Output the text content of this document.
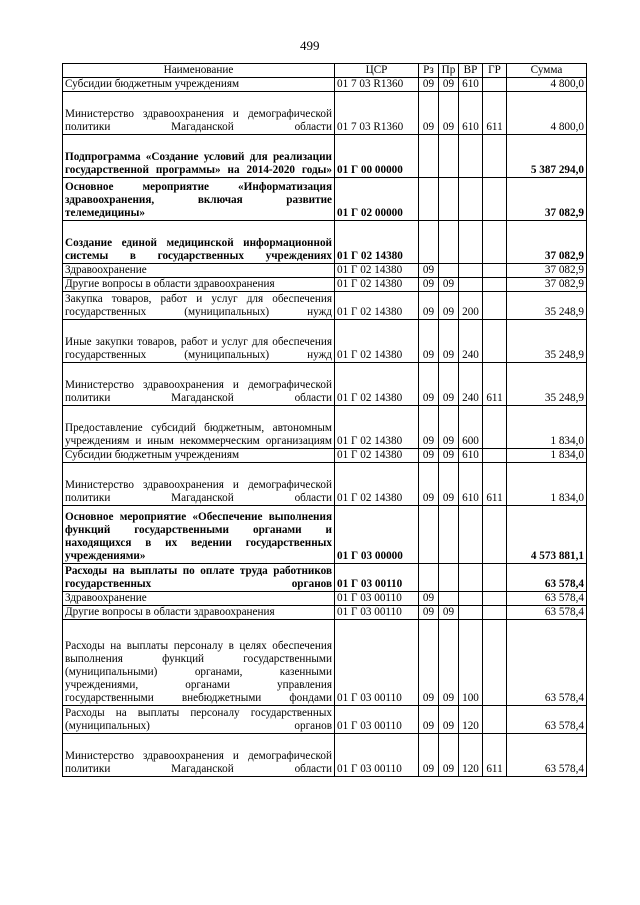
499
Наименование	ЦСР	Рз	Пр	ВР	ГР	Сумма
Субсидии бюджетным учреждениям	01 7 03 R1360	09	09	610		4 800,0
Министерство здравоохранения и демографической политики Магаданской области	01 7 03 R1360	09	09	610	611	4 800,0
Подпрограмма «Создание условий для реализации государственной программы» на 2014-2020 годы»	01 Г 00 00000					5 387 294,0
Основное мероприятие «Информатизация здравоохранения, включая развитие телемедицины»	01 Г 02 00000					37 082,9
Создание единой медицинской информационной системы в государственных учреждениях	01 Г 02 14380					37 082,9
Здравоохранение	01 Г 02 14380	09				37 082,9
Другие вопросы в области здравоохранения	01 Г 02 14380	09	09			37 082,9
Закупка товаров, работ и услуг для обеспечения государственных (муниципальных) нужд	01 Г 02 14380	09	09	200		35 248,9
Иные закупки товаров, работ и услуг для обеспечения государственных (муниципальных) нужд	01 Г 02 14380	09	09	240		35 248,9
Министерство здравоохранения и демографической политики Магаданской области	01 Г 02 14380	09	09	240	611	35 248,9
Предоставление субсидий бюджетным, автономным учреждениям и иным некоммерческим организациям	01 Г 02 14380	09	09	600		1 834,0
Субсидии бюджетным учреждениям	01 Г 02 14380	09	09	610		1 834,0
Министерство здравоохранения и демографической политики Магаданской области	01 Г 02 14380	09	09	610	611	1 834,0
Основное мероприятие «Обеспечение выполнения функций государственными органами и находящихся в их ведении государственных учреждениями»	01 Г 03 00000					4 573 881,1
Расходы на выплаты по оплате труда работников государственных органов	01 Г 03 00110					63 578,4
Здравоохранение	01 Г 03 00110	09				63 578,4
Другие вопросы в области здравоохранения	01 Г 03 00110	09	09			63 578,4
Расходы на выплаты персоналу в целях обеспечения выполнения функций государственными (муниципальными) органами, казенными учреждениями, органами управления государственными внебюджетными фондами	01 Г 03 00110	09	09	100		63 578,4
Расходы на выплаты персоналу государственных (муниципальных) органов	01 Г 03 00110	09	09	120		63 578,4
Министерство здравоохранения и демографической политики Магаданской области	01 Г 03 00110	09	09	120	611	63 578,4
